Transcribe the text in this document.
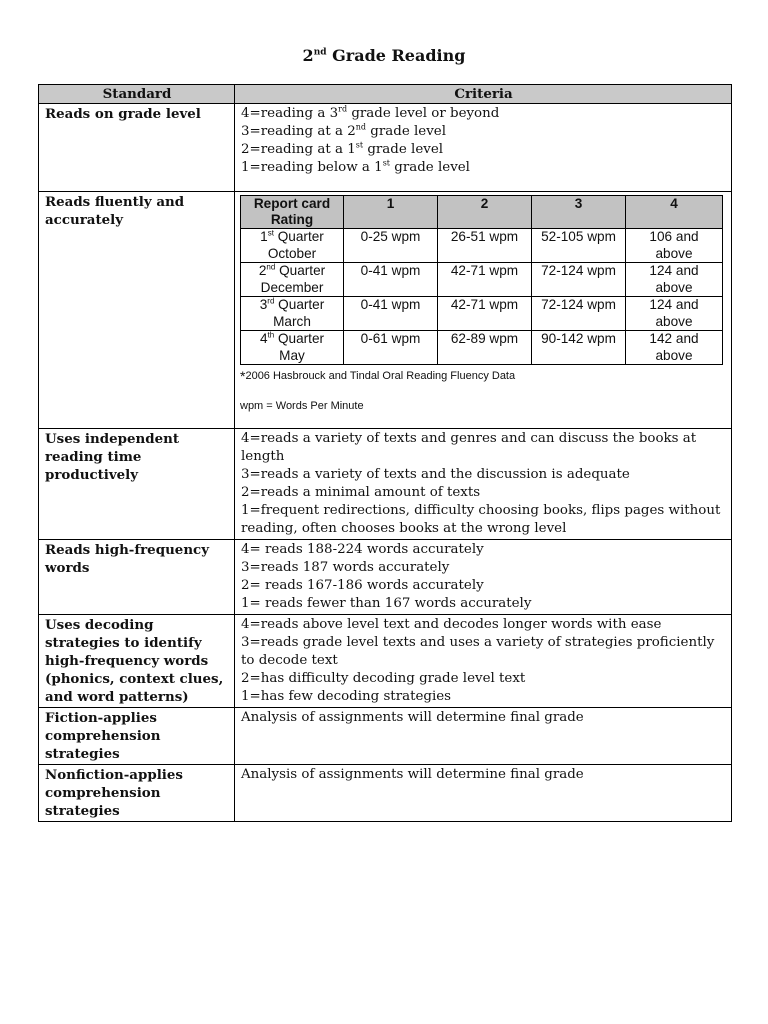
2nd Grade Reading
Standard	Criteria
Reads on grade level	4=reading a 3rd grade level or beyond
3=reading at a 2nd grade level
2=reading at a 1st grade level
1=reading below a 1st grade level

Reads fluently and accurately	
Report card Rating	1	2	3	4
1st Quarter
October	0-25 wpm	26-51 wpm	52-105 wpm	106 and
above
2nd Quarter
December	0-41 wpm	42-71 wpm	72-124 wpm	124 and
above
3rd Quarter
March	0-41 wpm	42-71 wpm	72-124 wpm	124 and
above
4th Quarter
May	0-61 wpm	62-89 wpm	90-142 wpm	142 and
above
*2006 Hasbrouck and Tindal Oral Reading Fluency Data
wpm = Words Per Minute

Uses independent reading time productively	
4=reads a variety of texts and genres and can discuss the books at length
3=reads a variety of texts and the discussion is adequate
2=reads a minimal amount of texts
1=frequent redirections, difficulty choosing books, flips pages without reading, often chooses books at the wrong level

Reads high-frequency words	
4= reads 188-224 words accurately
3=reads 187 words accurately
2= reads 167-186 words accurately
1= reads fewer than 167 words accurately

Uses decoding strategies to identify high-frequency words (phonics, context clues, and word patterns)	
4=reads above level text and decodes longer words with ease
3=reads grade level texts and uses a variety of strategies proficiently to decode text
2=has difficulty decoding grade level text
1=has few decoding strategies

Fiction-applies comprehension strategies	
Analysis of assignments will determine final grade

Nonfiction-applies comprehension strategies	
Analysis of assignments will determine final grade
